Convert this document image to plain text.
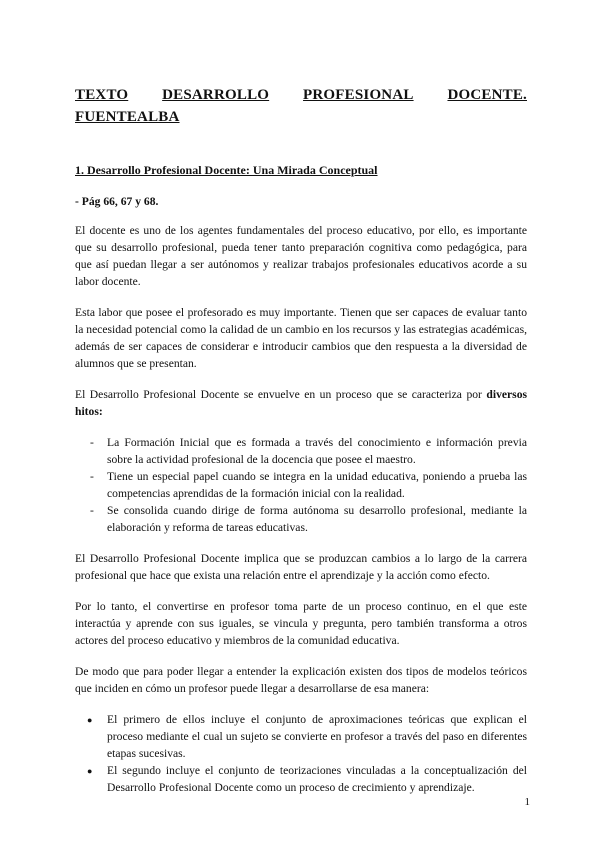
TEXTO DESARROLLO PROFESIONAL DOCENTE.
FUENTEALBA
1. Desarrollo Profesional Docente: Una Mirada Conceptual
- Pág 66, 67 y 68.

El docente es uno de los agentes fundamentales del proceso educativo, por ello, es importante que su desarrollo profesional, pueda tener tanto preparación cognitiva como pedagógica, para que así puedan llegar a ser autónomos y realizar trabajos profesionales educativos acorde a su labor docente.

Esta labor que posee el profesorado es muy importante. Tienen que ser capaces de evaluar tanto la necesidad potencial como la calidad de un cambio en los recursos y las estrategias académicas, además de ser capaces de considerar e introducir cambios que den respuesta a la diversidad de alumnos que se presentan.

El Desarrollo Profesional Docente se envuelve en un proceso que se caracteriza por diversos hitos:

- La Formación Inicial que es formada a través del conocimiento e información previa sobre la actividad profesional de la docencia que posee el maestro.
- Tiene un especial papel cuando se integra en la unidad educativa, poniendo a prueba las competencias aprendidas de la formación inicial con la realidad.
- Se consolida cuando dirige de forma autónoma su desarrollo profesional, mediante la elaboración y reforma de tareas educativas.

El Desarrollo Profesional Docente implica que se produzcan cambios a lo largo de la carrera profesional que hace que exista una relación entre el aprendizaje y la acción como efecto.

Por lo tanto, el convertirse en profesor toma parte de un proceso continuo, en el que este interactúa y aprende con sus iguales, se vincula y pregunta, pero también transforma a otros actores del proceso educativo y miembros de la comunidad educativa.

De modo que para poder llegar a entender la explicación existen dos tipos de modelos teóricos que inciden en cómo un profesor puede llegar a desarrollarse de esa manera:

● El primero de ellos incluye el conjunto de aproximaciones teóricas que explican el proceso mediante el cual un sujeto se convierte en profesor a través del paso en diferentes etapas sucesivas.
● El segundo incluye el conjunto de teorizaciones vinculadas a la conceptualización del Desarrollo Profesional Docente como un proceso de crecimiento y aprendizaje.
1
